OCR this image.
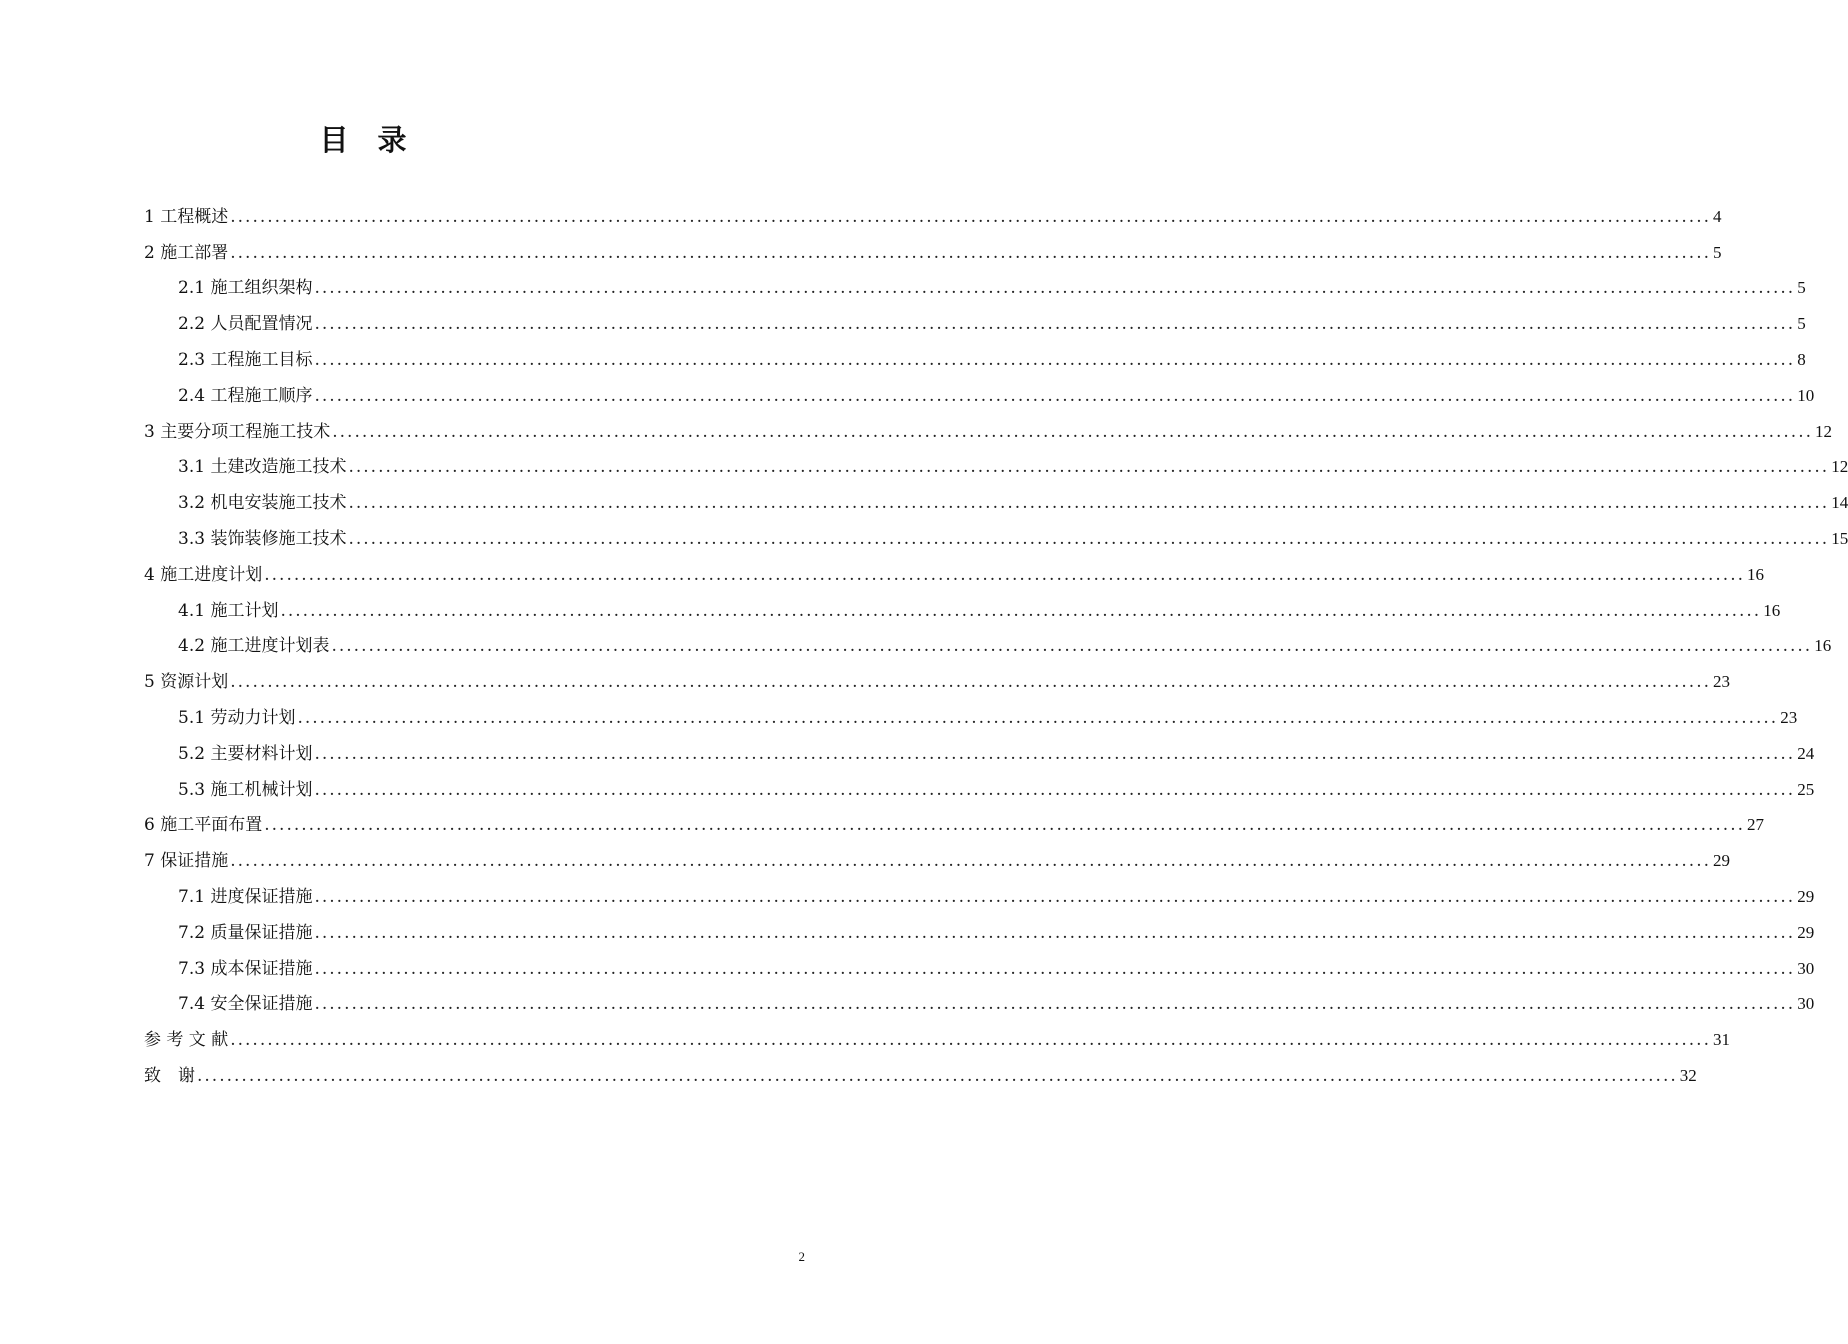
目　录
1 工程概述 ........................................................................................................................................................................................................ 4
2 施工部署 ........................................................................................................................................................................................................ 5
2.1 施工组织架构 ........................................................................................................................................................................................................ 5
2.2 人员配置情况 ........................................................................................................................................................................................................ 5
2.3 工程施工目标 ........................................................................................................................................................................................................ 8
2.4 工程施工顺序 ........................................................................................................................................................................................................ 10
3 主要分项工程施工技术 ........................................................................................................................................................................................................ 12
3.1 土建改造施工技术 ........................................................................................................................................................................................................ 12
3.2 机电安装施工技术 ........................................................................................................................................................................................................ 14
3.3 装饰装修施工技术 ........................................................................................................................................................................................................ 15
4 施工进度计划 ........................................................................................................................................................................................................ 16
4.1 施工计划 ........................................................................................................................................................................................................ 16
4.2 施工进度计划表 ........................................................................................................................................................................................................ 16
5 资源计划 ........................................................................................................................................................................................................ 23
5.1 劳动力计划 ........................................................................................................................................................................................................ 23
5.2 主要材料计划 ........................................................................................................................................................................................................ 24
5.3 施工机械计划 ........................................................................................................................................................................................................ 25
6 施工平面布置 ........................................................................................................................................................................................................ 27
7 保证措施 ........................................................................................................................................................................................................ 29
7.1 进度保证措施 ........................................................................................................................................................................................................ 29
7.2 质量保证措施 ........................................................................................................................................................................................................ 29
7.3 成本保证措施 ........................................................................................................................................................................................................ 30
7.4 安全保证措施 ........................................................................................................................................................................................................ 30
参 考 文 献 ........................................................................................................................................................................................................ 31
致　谢 ........................................................................................................................................................................................................ 32
2
